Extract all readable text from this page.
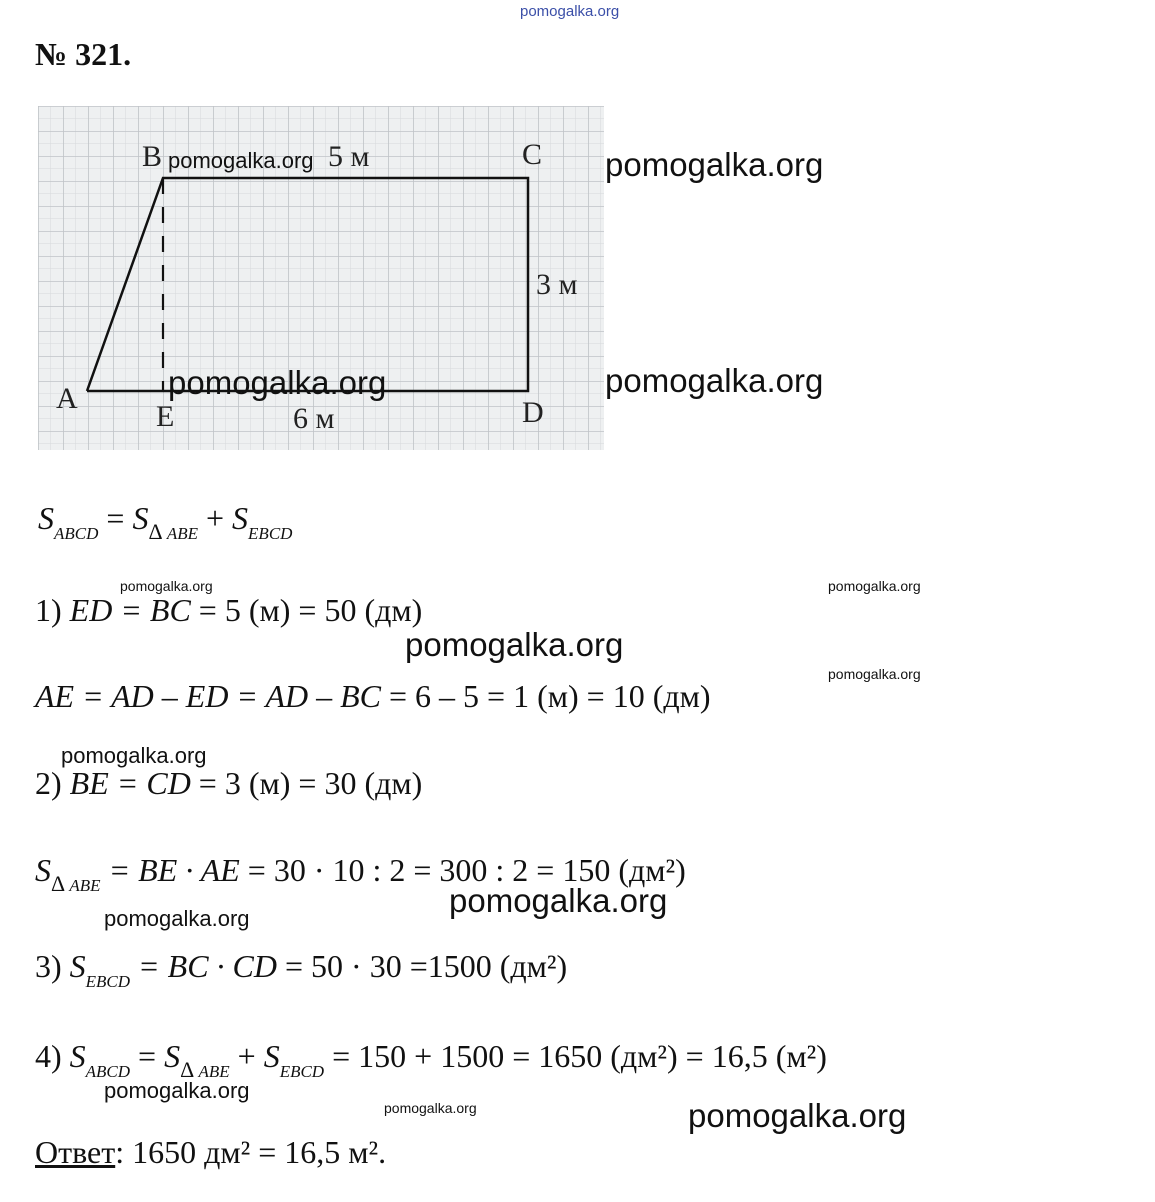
pomogalka.org
№ 321.
B	C
A
E	D
5 м
3 м
6 м
pomogalka.org
pomogalka.org
pomogalka.org
pomogalka.org
pomogalka.org	pomogalka.org
pomogalka.org
pomogalka.org
pomogalka.org
pomogalka.org
pomogalka.org
pomogalka.org
pomogalka.org	pomogalka.org
$S_{ABCD} = S_{\Delta ABE} + S_{EBCD}$
1) ED = BC = 5 (м) = 50 (дм)
AE = AD – ED = AD – BC = 6 – 5 = 1 (м) = 10 (дм)
2) BE = CD = 3 (м) = 30 (дм)
$S_{\Delta ABE}$ = BE · AE = 30 · 10 : 2 = 300 : 2 = 150 (дм²)
3) $S_{EBCD}$ = BC · CD = 50 · 30 =1500 (дм²)
4) $S_{ABCD} = S_{\Delta ABE} + S_{EBCD} = 150 + 1500 = 1650$ (дм²) = 16,5 (м²)
Ответ: 1650 дм² = 16,5 м².
